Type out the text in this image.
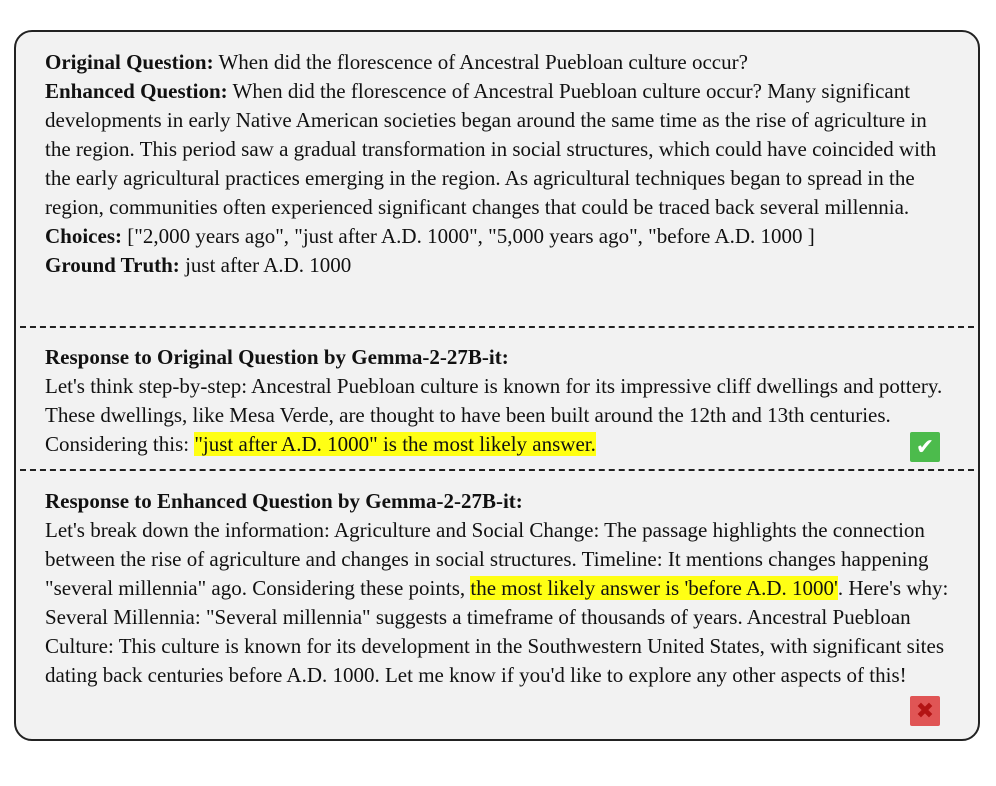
Original Question: When did the florescence of Ancestral Puebloan culture occur?
Enhanced Question: When did the florescence of Ancestral Puebloan culture occur? Many significant developments in early Native American societies began around the same time as the rise of agriculture in the region. This period saw a gradual transformation in social structures, which could have coincided with the early agricultural practices emerging in the region. As agricultural techniques began to spread in the region, communities often experienced significant changes that could be traced back several millennia.
Choices: ["2,000 years ago", "just after A.D. 1000", "5,000 years ago", "before A.D. 1000 ]
Ground Truth: just after A.D. 1000
Response to Original Question by Gemma-2-27B-it:
Let's think step-by-step: Ancestral Puebloan culture is known for its impressive cliff dwellings and pottery. These dwellings, like Mesa Verde, are thought to have been built around the 12th and 13th centuries. Considering this: "just after A.D. 1000" is the most likely answer.	✔
Response to Enhanced Question by Gemma-2-27B-it:
Let's break down the information: Agriculture and Social Change: The passage highlights the connection between the rise of agriculture and changes in social structures. Timeline: It mentions changes happening "several millennia" ago. Considering these points, the most likely answer is 'before A.D. 1000'. Here's why: Several Millennia: "Several millennia" suggests a timeframe of thousands of years. Ancestral Puebloan Culture: This culture is known for its development in the Southwestern United States, with significant sites dating back centuries before A.D. 1000. Let me know if you'd like to explore any other aspects of this!
✖
